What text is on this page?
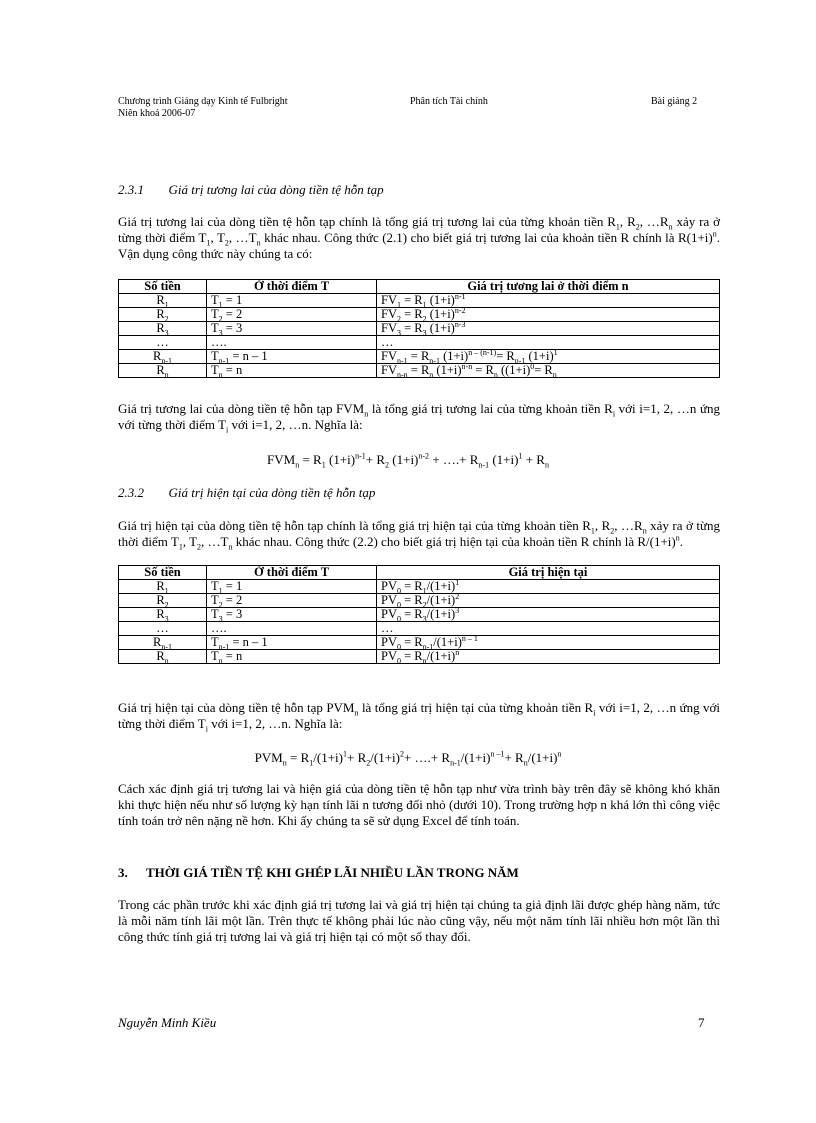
Chương trình Giảng dạy Kinh tế Fulbright
Niên khoá 2006-07
Phân tích Tài chính	Bài giảng 2
2.3.1 Giá trị tương lai của dòng tiền tệ hỗn tạp
Giá trị tương lai của dòng tiền tệ hỗn tạp chính là tổng giá trị tương lai của từng khoản tiền $R_1$, $R_2$, $\dots R_n$ xảy ra ở từng thời điểm $T_1$, $T_2$, $\dots T_n$ khác nhau. Công thức (2.1) cho biết giá trị tương lai của khoản tiền R chính là $R(1+i)^n$. Vận dụng công thức này chúng ta có:
Số tiền	Ở thời điểm T	Giá trị tương lai ở thời điểm n
$R_1$	$T_1 = 1$	$FV_1 = R_1$ $(1+i)^{n-1}$
$R_2$	$T_2 = 2$	$FV_2 = R_2$ $(1+i)^{n-2}$
$R_3$	$T_3 = 3$	$FV_3 = R_3$ $(1+i)^{n-3}$
…	….	…
$R_{n-1}$	$T_{n-1} = n - 1$	$FV_{n-1} = R_{n-1}$ $(1+i)^{n - (n-1)}= R_{n-1}$ $(1+i)^1$
$R_n$	$T_n = n$	$FV_{n-n} = R_n$ $(1+i)^{n-n} = R_n$ ($(1+i)^0= R_n$
Giá trị tương lai của dòng tiền tệ hỗn tạp $FVM_n$ là tổng giá trị tương lai của từng khoản tiền $R_i$ với i=1, 2, …n ứng với từng thời điểm $T_i$ với i=1, 2, …n. Nghĩa là:
$FVM_n = R_1$ $(1+i)^{n-1}+ R_2$ $(1+i)^{n-2}$ + ….+ $R_{n-1}$ $(1+i)^1 + R_n$
2.3.2 Giá trị hiện tại của dòng tiền tệ hỗn tạp
Giá trị hiện tại của dòng tiền tệ hỗn tạp chính là tổng giá trị hiện tại của từng khoản tiền $R_1$, $R_2$, $\dots R_n$ xảy ra ở từng thời điểm $T_1$, $T_2$, $\dots T_n$ khác nhau. Công thức (2.2) cho biết giá trị hiện tại của khoản tiền R chính là $R/(1+i)^n$.
Số tiền	Ở thời điểm T	Giá trị hiện tại
$R_1$	$T_1 = 1$	$PV_0 = R_1/(1+i)^1$
$R_2$	$T_2 = 2$	$PV_0 = R_2/(1+i)^2$
$R_3$	$T_3 = 3$	$PV_0 = R_3/(1+i)^3$
…	….	…
$R_{n-1}$	$T_{n-1} = n - 1$	$PV_0 = R_{n-1}/(1+i)^{n - 1}$
$R_n$	$T_n = n$	$PV_0 = R_n/(1+i)^n$
Giá trị hiện tại của dòng tiền tệ hỗn tạp $PVM_n$ là tổng giá trị hiện tại của từng khoản tiền $R_i$ với i=1, 2, …n ứng với từng thời điểm $T_i$ với i=1, 2, …n. Nghĩa là:
$PVM_n = R_1/(1+i)^1+ R_2/(1+i)^2+$ ….+ $R_{n-1}/(1+i)^{n -1}+ R_n/(1+i)^n$
Cách xác định giá trị tương lai và hiện giá của dòng tiền tệ hỗn tạp như vừa trình bày trên đây sẽ không khó khăn khi thực hiện nếu như số lượng kỳ hạn tính lãi n tương đối nhỏ (dưới 10). Trong trường hợp n khá lớn thì công việc tính toán trở nên nặng nề hơn. Khi ấy chúng ta sẽ sử dụng Excel để tính toán.
3. THỜI GIÁ TIỀN TỆ KHI GHÉP LÃI NHIỀU LẦN TRONG NĂM
Trong các phần trước khi xác định giá trị tương lai và giá trị hiện tại chúng ta giả định lãi được ghép hàng năm, tức là mỗi năm tính lãi một lần. Trên thực tế không phải lúc nào cũng vậy, nếu một năm tính lãi nhiều hơn một lần thì công thức tính giá trị tương lai và giá trị hiện tại có một số thay đổi.
Nguyễn Minh Kiều	7
